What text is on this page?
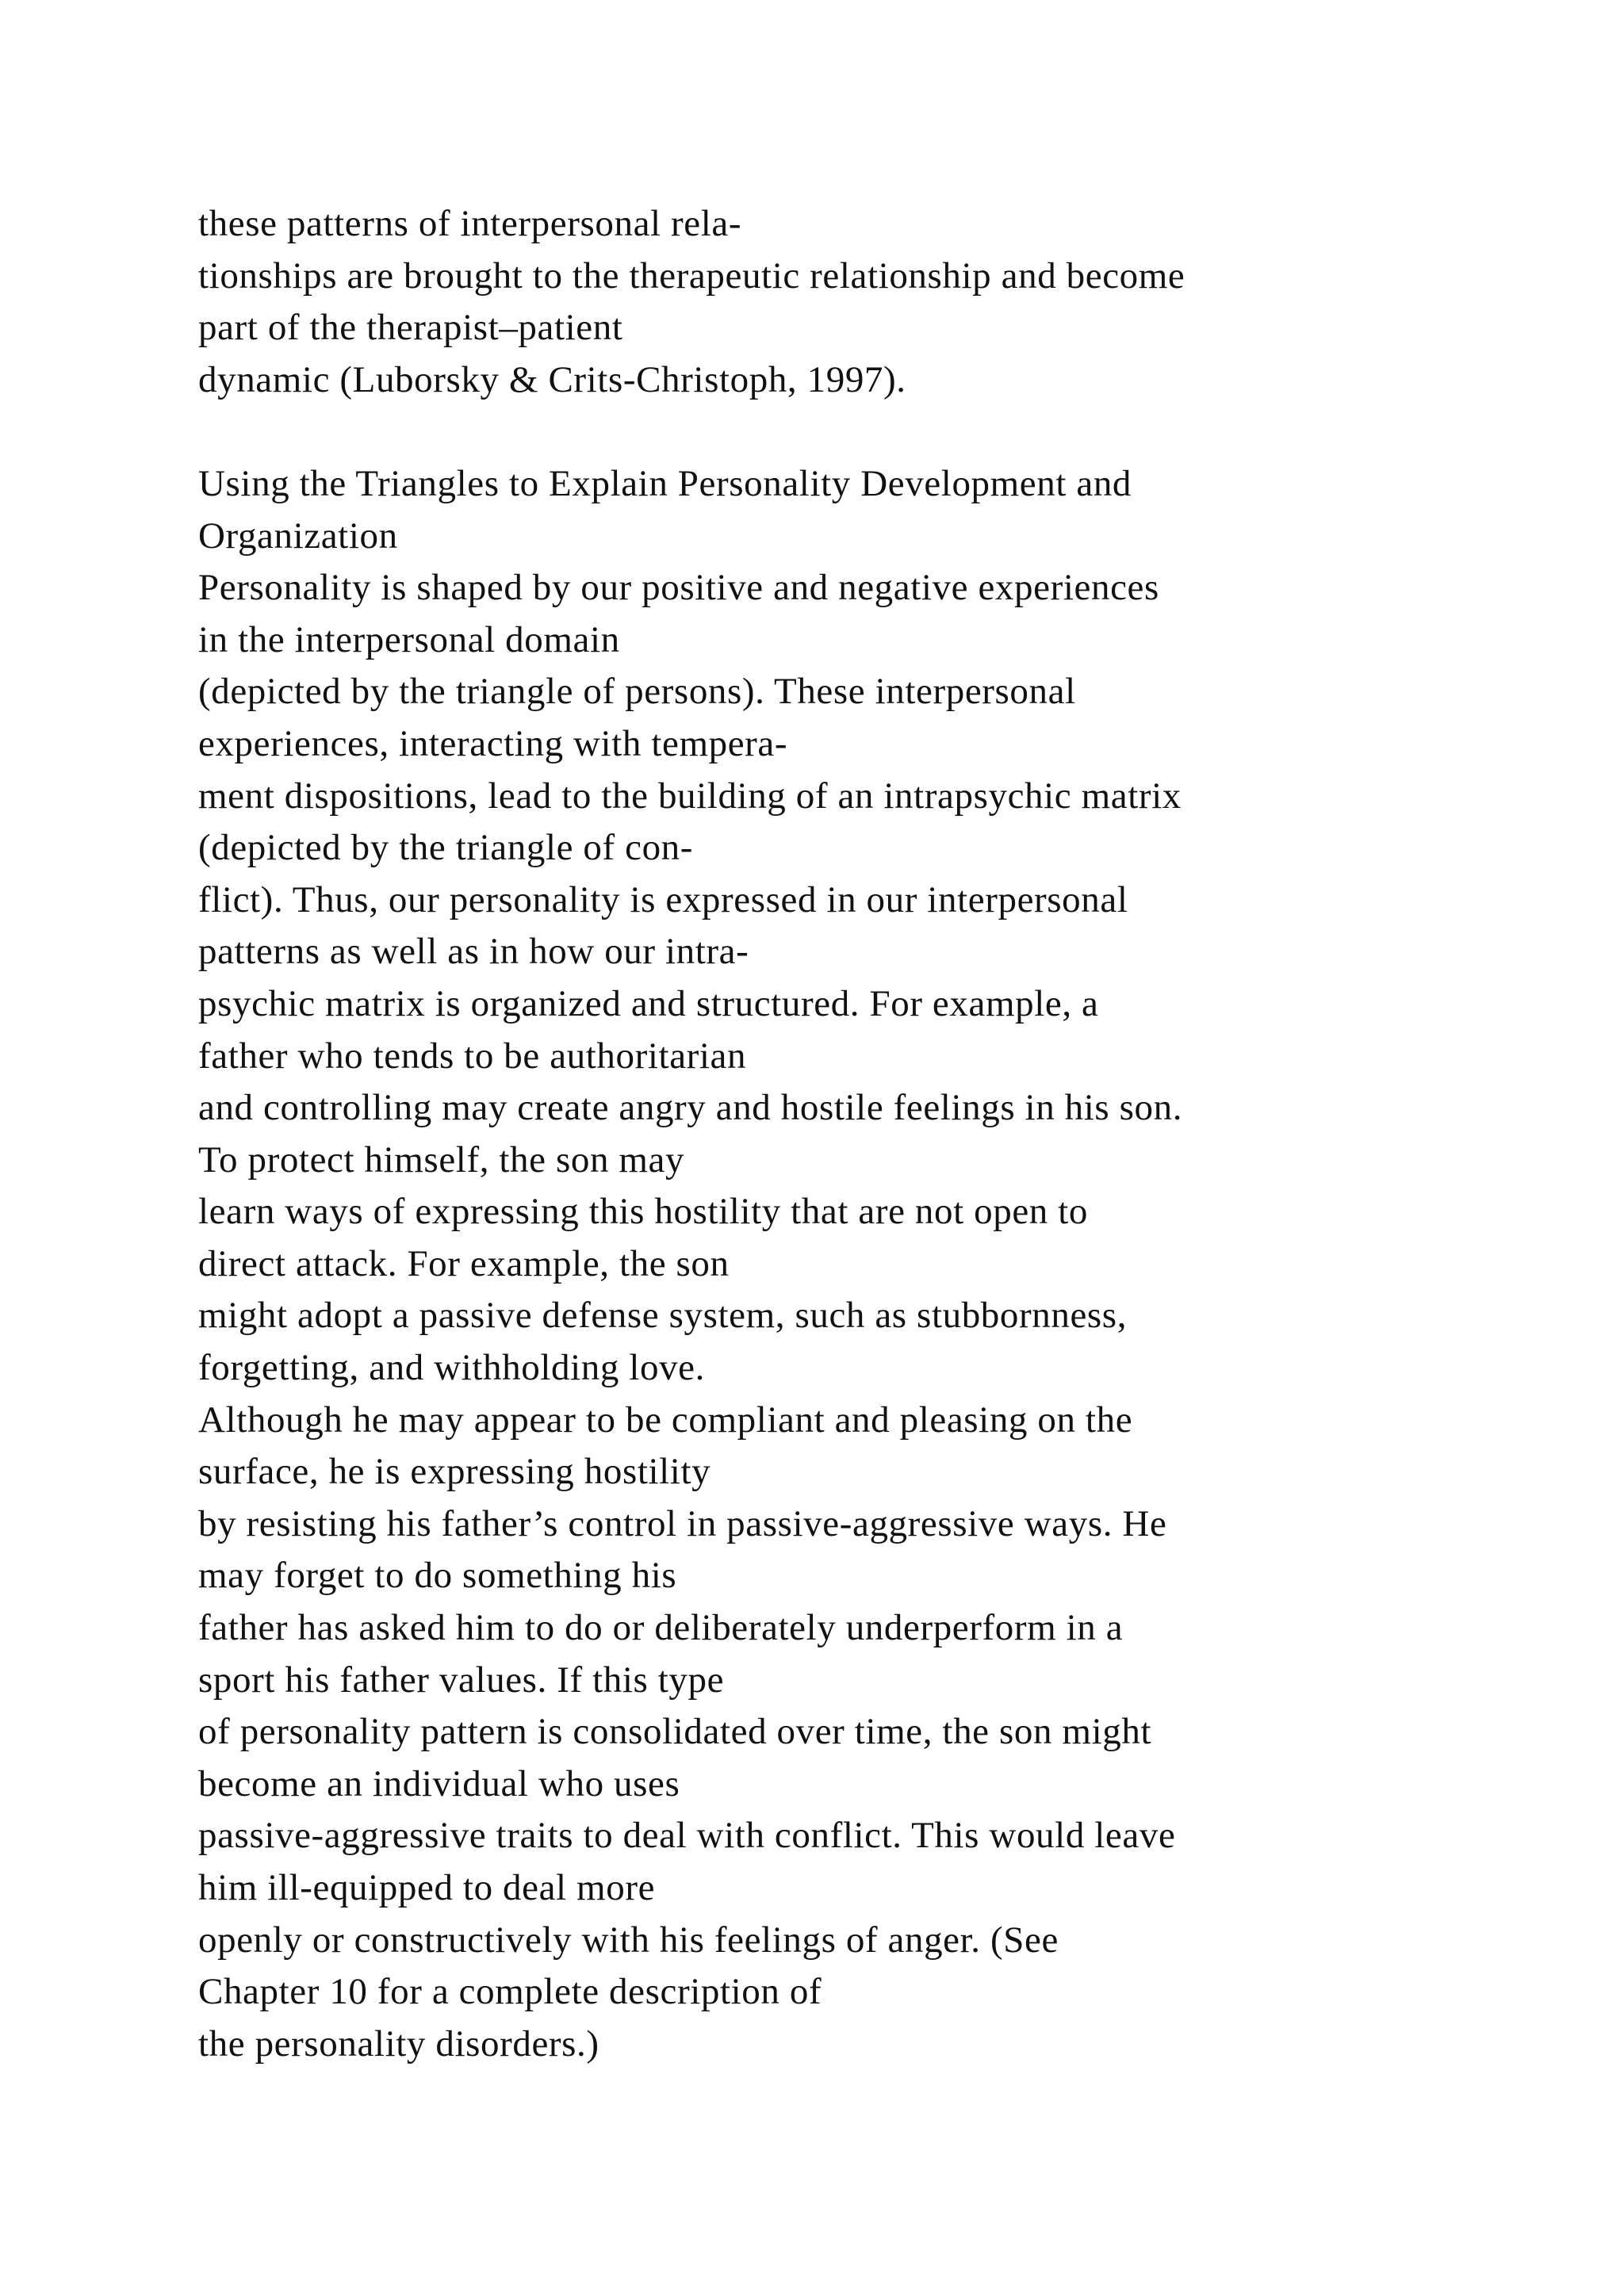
these patterns of interpersonal rela-
tionships are brought to the therapeutic relationship and become
part of the therapist–patient
dynamic (Luborsky & Crits-Christoph, 1997).
Using the Triangles to Explain Personality Development and
Organization
Personality is shaped by our positive and negative experiences
in the interpersonal domain
(depicted by the triangle of persons). These interpersonal
experiences, interacting with tempera-
ment dispositions, lead to the building of an intrapsychic matrix
(depicted by the triangle of con-
flict). Thus, our personality is expressed in our interpersonal
patterns as well as in how our intra-
psychic matrix is organized and structured. For example, a
father who tends to be authoritarian
and controlling may create angry and hostile feelings in his son.
To protect himself, the son may
learn ways of expressing this hostility that are not open to
direct attack. For example, the son
might adopt a passive defense system, such as stubbornness,
forgetting, and withholding love.
Although he may appear to be compliant and pleasing on the
surface, he is expressing hostility
by resisting his father’s control in passive-aggressive ways. He
may forget to do something his
father has asked him to do or deliberately underperform in a
sport his father values. If this type
of personality pattern is consolidated over time, the son might
become an individual who uses
passive-aggressive traits to deal with conflict. This would leave
him ill-equipped to deal more
openly or constructively with his feelings of anger. (See
Chapter 10 for a complete description of
the personality disorders.)
